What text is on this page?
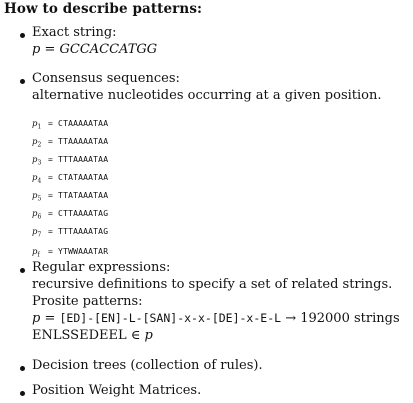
How to describe patterns:
Exact string:
p = GCCACCATGG
Consensus sequences:
alternative nucleotides occurring at a given position.
$p_1$ = CTAAAAATAA
$p_2$ = TTAAAAATAA
$p_3$ = TTTAAAATAA
$p_4$ = CTATAAATAA
$p_5$ = TTATAAATAA
$p_6$ = CTTAAAATAG
$p_7$ = TTTAAAATAG
$p_f$ = YTWWAAATAR
Regular expressions:
recursive definitions to specify a set of related strings.
Prosite patterns:
p = [ED]-[EN]-L-[SAN]-x-x-[DE]-x-E-L → 192000 strings
ENLSSEDEEL ∈ p
Decision trees (collection of rules).
Position Weight Matrices.
